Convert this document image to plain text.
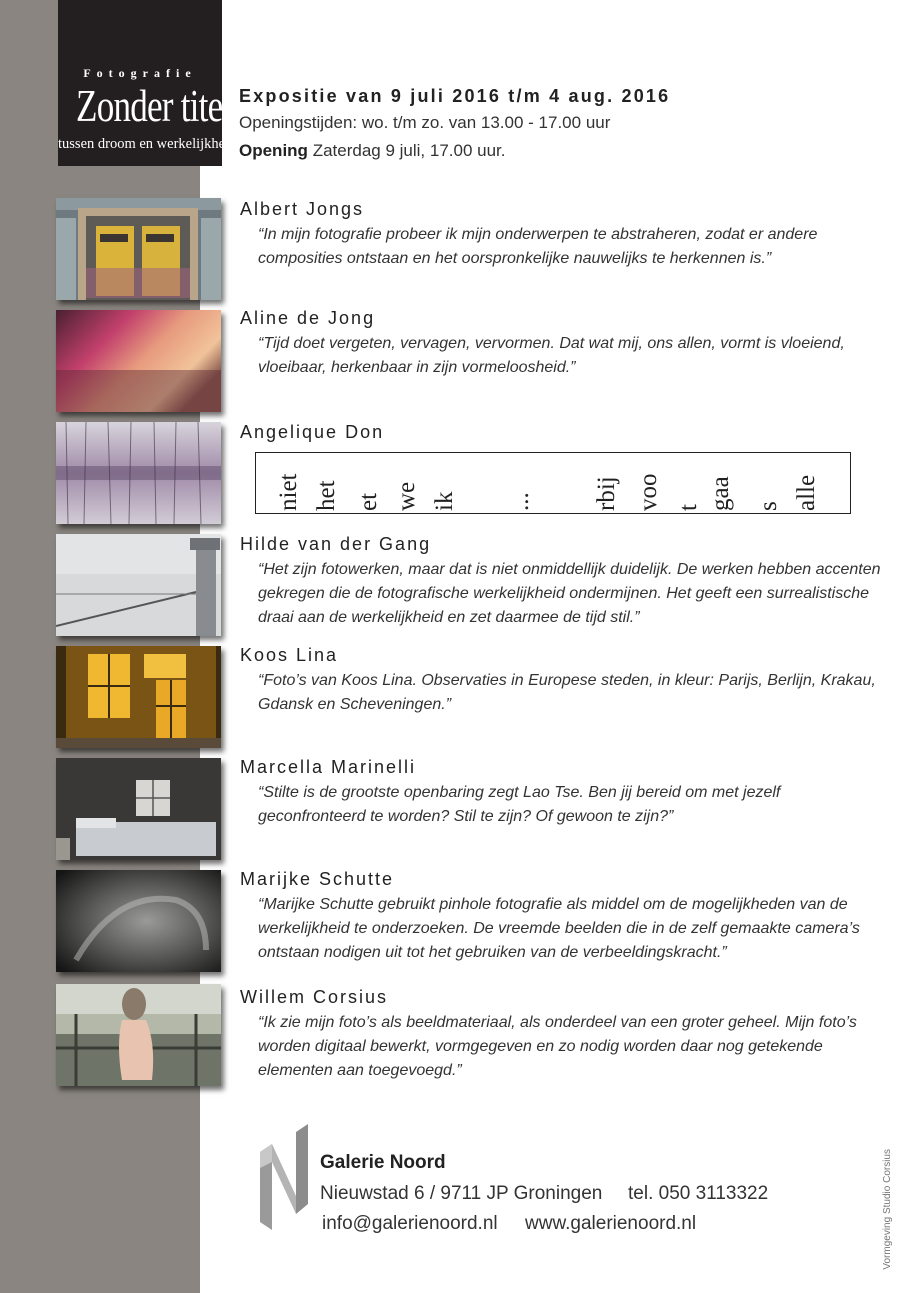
Fotografie
Zonder titel
tussen droom en werkelijkheid
Expositie van 9 juli 2016 t/m 4 aug. 2016
Openingstijden: wo. t/m zo. van 13.00 - 17.00 uur
Opening Zaterdag 9 juli, 17.00 uur.
Albert Jongs
“In mijn fotografie probeer ik mijn onderwerpen te abstraheren, zodat er andere composities ontstaan en het oorspronkelijke nauwelijks te herkennen is.”
Aline de Jong
“Tijd doet vergeten, vervagen, vervormen. Dat wat mij, ons allen, vormt is vloeiend, vloeibaar, herkenbaar in zijn vormeloosheid.”
Angelique Don
alle
s
gaa
t
voo
rbij
...
ik
we
et
het
niet
Hilde van der Gang
“Het zijn fotowerken, maar dat is niet onmiddellijk duidelijk. De werken hebben accenten gekregen die de fotografische werkelijkheid ondermijnen. Het geeft een surrealistische draai aan de werkelijkheid en zet daarmee de tijd stil.”
Koos Lina
“Foto’s van Koos Lina. Observaties in Europese steden, in kleur: Parijs, Berlijn, Krakau, Gdansk en Scheveningen.”
Marcella Marinelli
“Stilte is de grootste openbaring zegt Lao Tse. Ben jij bereid om met jezelf geconfronteerd te worden? Stil te zijn? Of gewoon te zijn?”
Marijke Schutte
“Marijke Schutte gebruikt pinhole fotografie als middel om de mogelijkheden van de werkelijkheid te onderzoeken. De vreemde beelden die in de zelf gemaakte camera’s ontstaan nodigen uit tot het gebruiken van de verbeeldingskracht.”
Willem Corsius
“Ik zie mijn foto’s als beeldmateriaal, als onderdeel van een groter geheel. Mijn foto’s worden digitaal bewerkt, vormgegeven en zo nodig worden daar nog getekende elementen aan toegevoegd.”
Galerie Noord
Nieuwstad 6 / 9711 JP Groningen tel. 050 3113322
info@galerienoord.nl www.galerienoord.nl	Vormgeving Studio Corsius
